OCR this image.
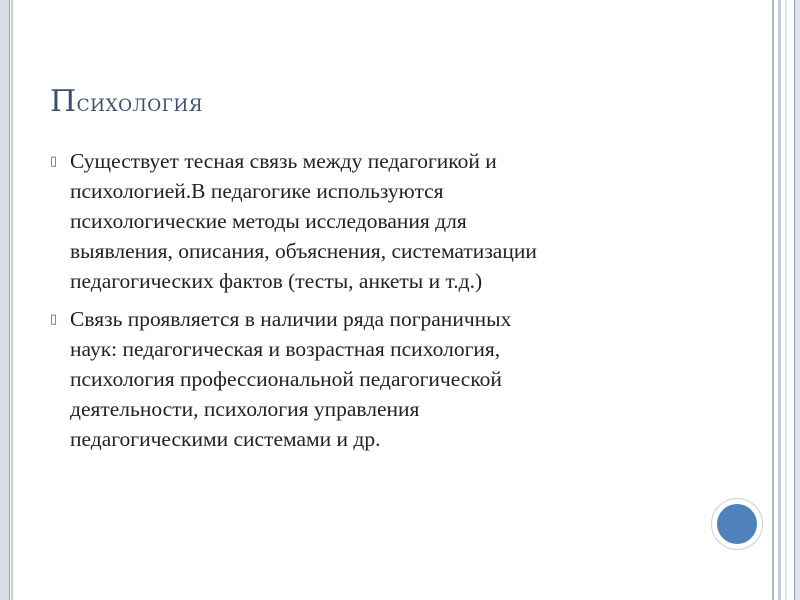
Психология
▯ Существует тесная связь между педагогикой и
психологией.В педагогике используются
психологические методы исследования для
выявления, описания, объяснения, систематизации
педагогических фактов (тесты, анкеты и т.д.)
▯ Связь проявляется в наличии ряда пограничных
наук: педагогическая и возрастная психология,
психология профессиональной педагогической
деятельности, психология управления
педагогическими системами и др.
